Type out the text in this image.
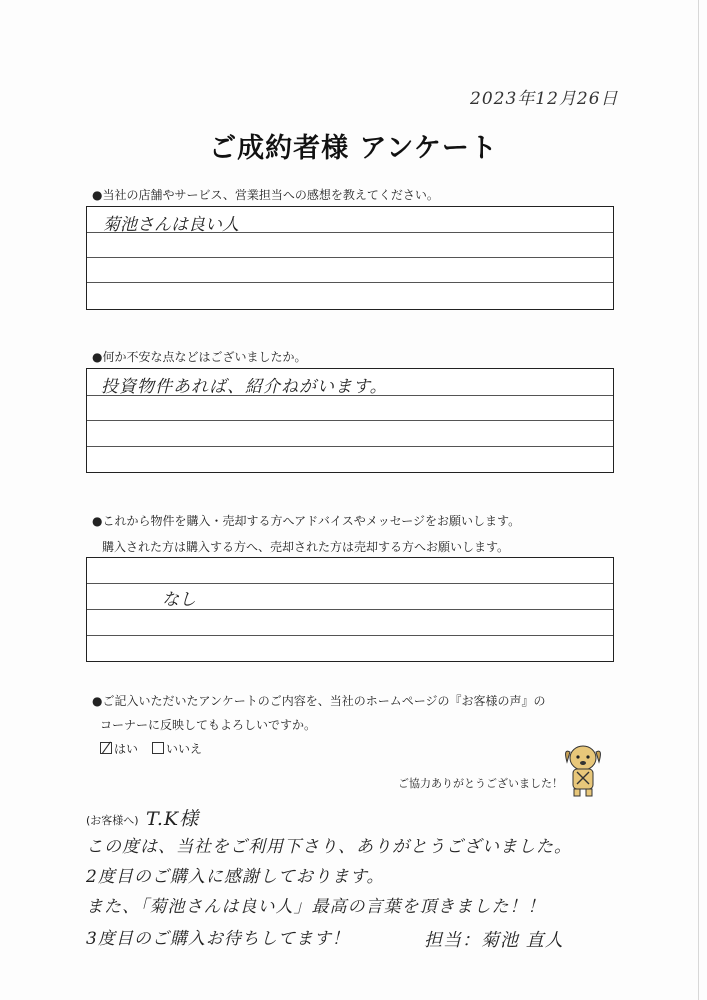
2023年12月26日
ご成約者様 アンケート
●当社の店舗やサービス、営業担当への感想を教えてください。
菊池さんは良い人
●何か不安な点などはございましたか。
投資物件あれば、紹介ねがいます。
●これから物件を購入・売却する方へアドバイスやメッセージをお願いします。
購入された方は購入する方へ、売却された方は売却する方へお願いします。
なし
●ご記入いただいたアンケートのご内容を、当社のホームページの『お客様の声』の
コーナーに反映してもよろしいですか。
はい	いいえ
ご協力ありがとうございました！
(お客様へ) T.K様
この度は、当社をご利用下さり、ありがとうございました。
2度目のご購入に感謝しております。
また、「菊池さんは良い人」最高の言葉を頂きました！！
3度目のご購入お待ちしてます！	担当：菊池 直人
